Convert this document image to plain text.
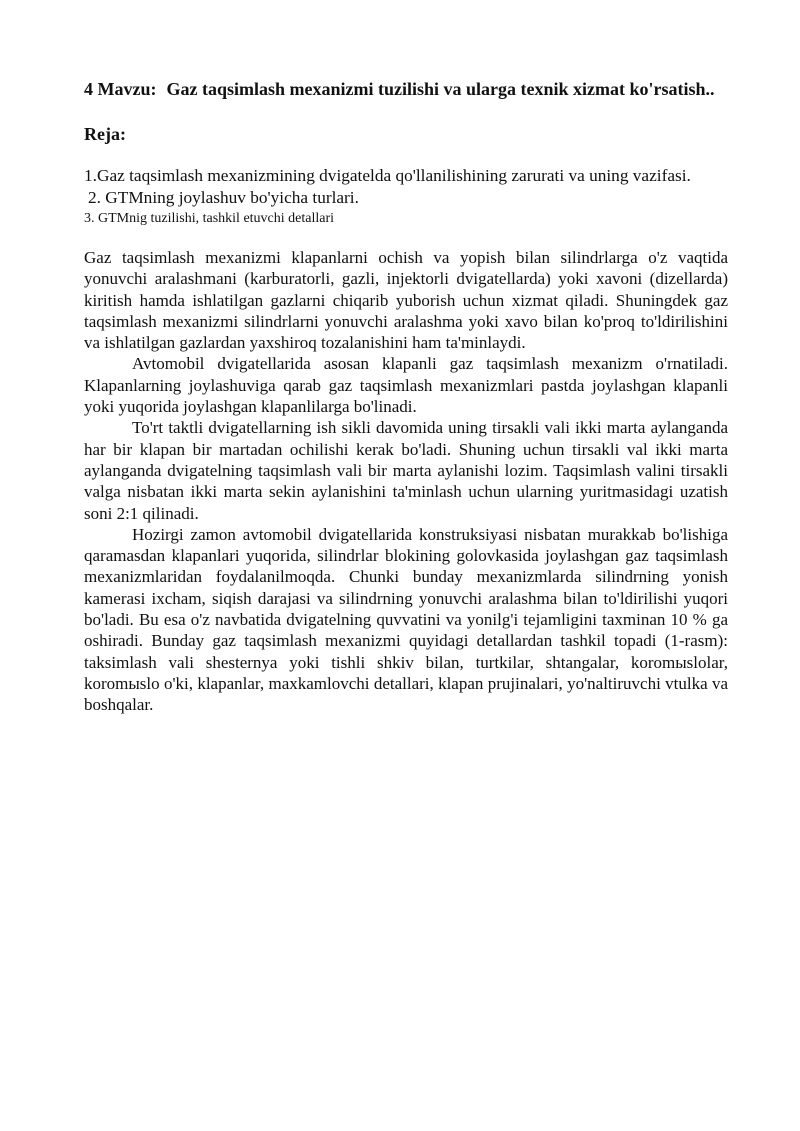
4 Mavzu: Gaz taqsimlash mexanizmi tuzilishi va ularga texnik xizmat ko'rsatish..
Reja:
1.Gaz taqsimlash mexanizmining dvigatelda qo'llanilishining zarurati va uning vazifasi.
2. GTMning joylashuv bo'yicha turlari.
3. GTMnig tuzilishi, tashkil etuvchi detallari

Gaz taqsimlash mexanizmi klapanlarni ochish va yopish bilan silindrlarga o'z vaqtida yonuvchi aralashmani (karburatorli, gazli, injektorli dvigatellarda) yoki xavoni (dizellarda) kiritish hamda ishlatilgan gazlarni chiqarib yuborish uchun xizmat qiladi. Shuningdek gaz taqsimlash mexanizmi silindrlarni yonuvchi aralashma yoki xavo bilan ko'proq to'ldirilishini va ishlatilgan gazlardan yaxshiroq tozalanishini ham ta'minlaydi.

Avtomobil dvigatellarida asosan klapanli gaz taqsimlash mexanizm o'rnatiladi. Klapanlarning joylashuviga qarab gaz taqsimlash mexanizmlari pastda joylashgan klapanli yoki yuqorida joylashgan klapanlilarga bo'linadi.

To'rt taktli dvigatellarning ish sikli davomida uning tirsakli vali ikki marta aylanganda har bir klapan bir martadan ochilishi kerak bo'ladi. Shuning uchun tirsakli val ikki marta aylanganda dvigatelning taqsimlash vali bir marta aylanishi lozim. Taqsimlash valini tirsakli valga nisbatan ikki marta sekin aylanishini ta'minlash uchun ularning yuritmasidagi uzatish soni 2:1 qilinadi.

Hozirgi zamon avtomobil dvigatellarida konstruksiyasi nisbatan murakkab bo'lishiga qaramasdan klapanlari yuqorida, silindrlar blokining golovkasida joylashgan gaz taqsimlash mexanizmlaridan foydalanilmoqda. Chunki bunday mexanizmlarda silindrning yonish kamerasi ixcham, siqish darajasi va silindrning yonuvchi aralashma bilan to'ldirilishi yuqori bo'ladi. Bu esa o'z navbatida dvigatelning quvvatini va yonilg'i tejamligini taxminan 10 % ga oshiradi. Bunday gaz taqsimlash mexanizmi quyidagi detallardan tashkil topadi (1-rasm): taksimlash vali shesternya yoki tishli shkiv bilan, turtkilar, shtangalar, koromыslolar, koromыslo o'ki, klapanlar, maxkamlovchi detallari, klapan prujinalari, yo'naltiruvchi vtulka va boshqalar.
